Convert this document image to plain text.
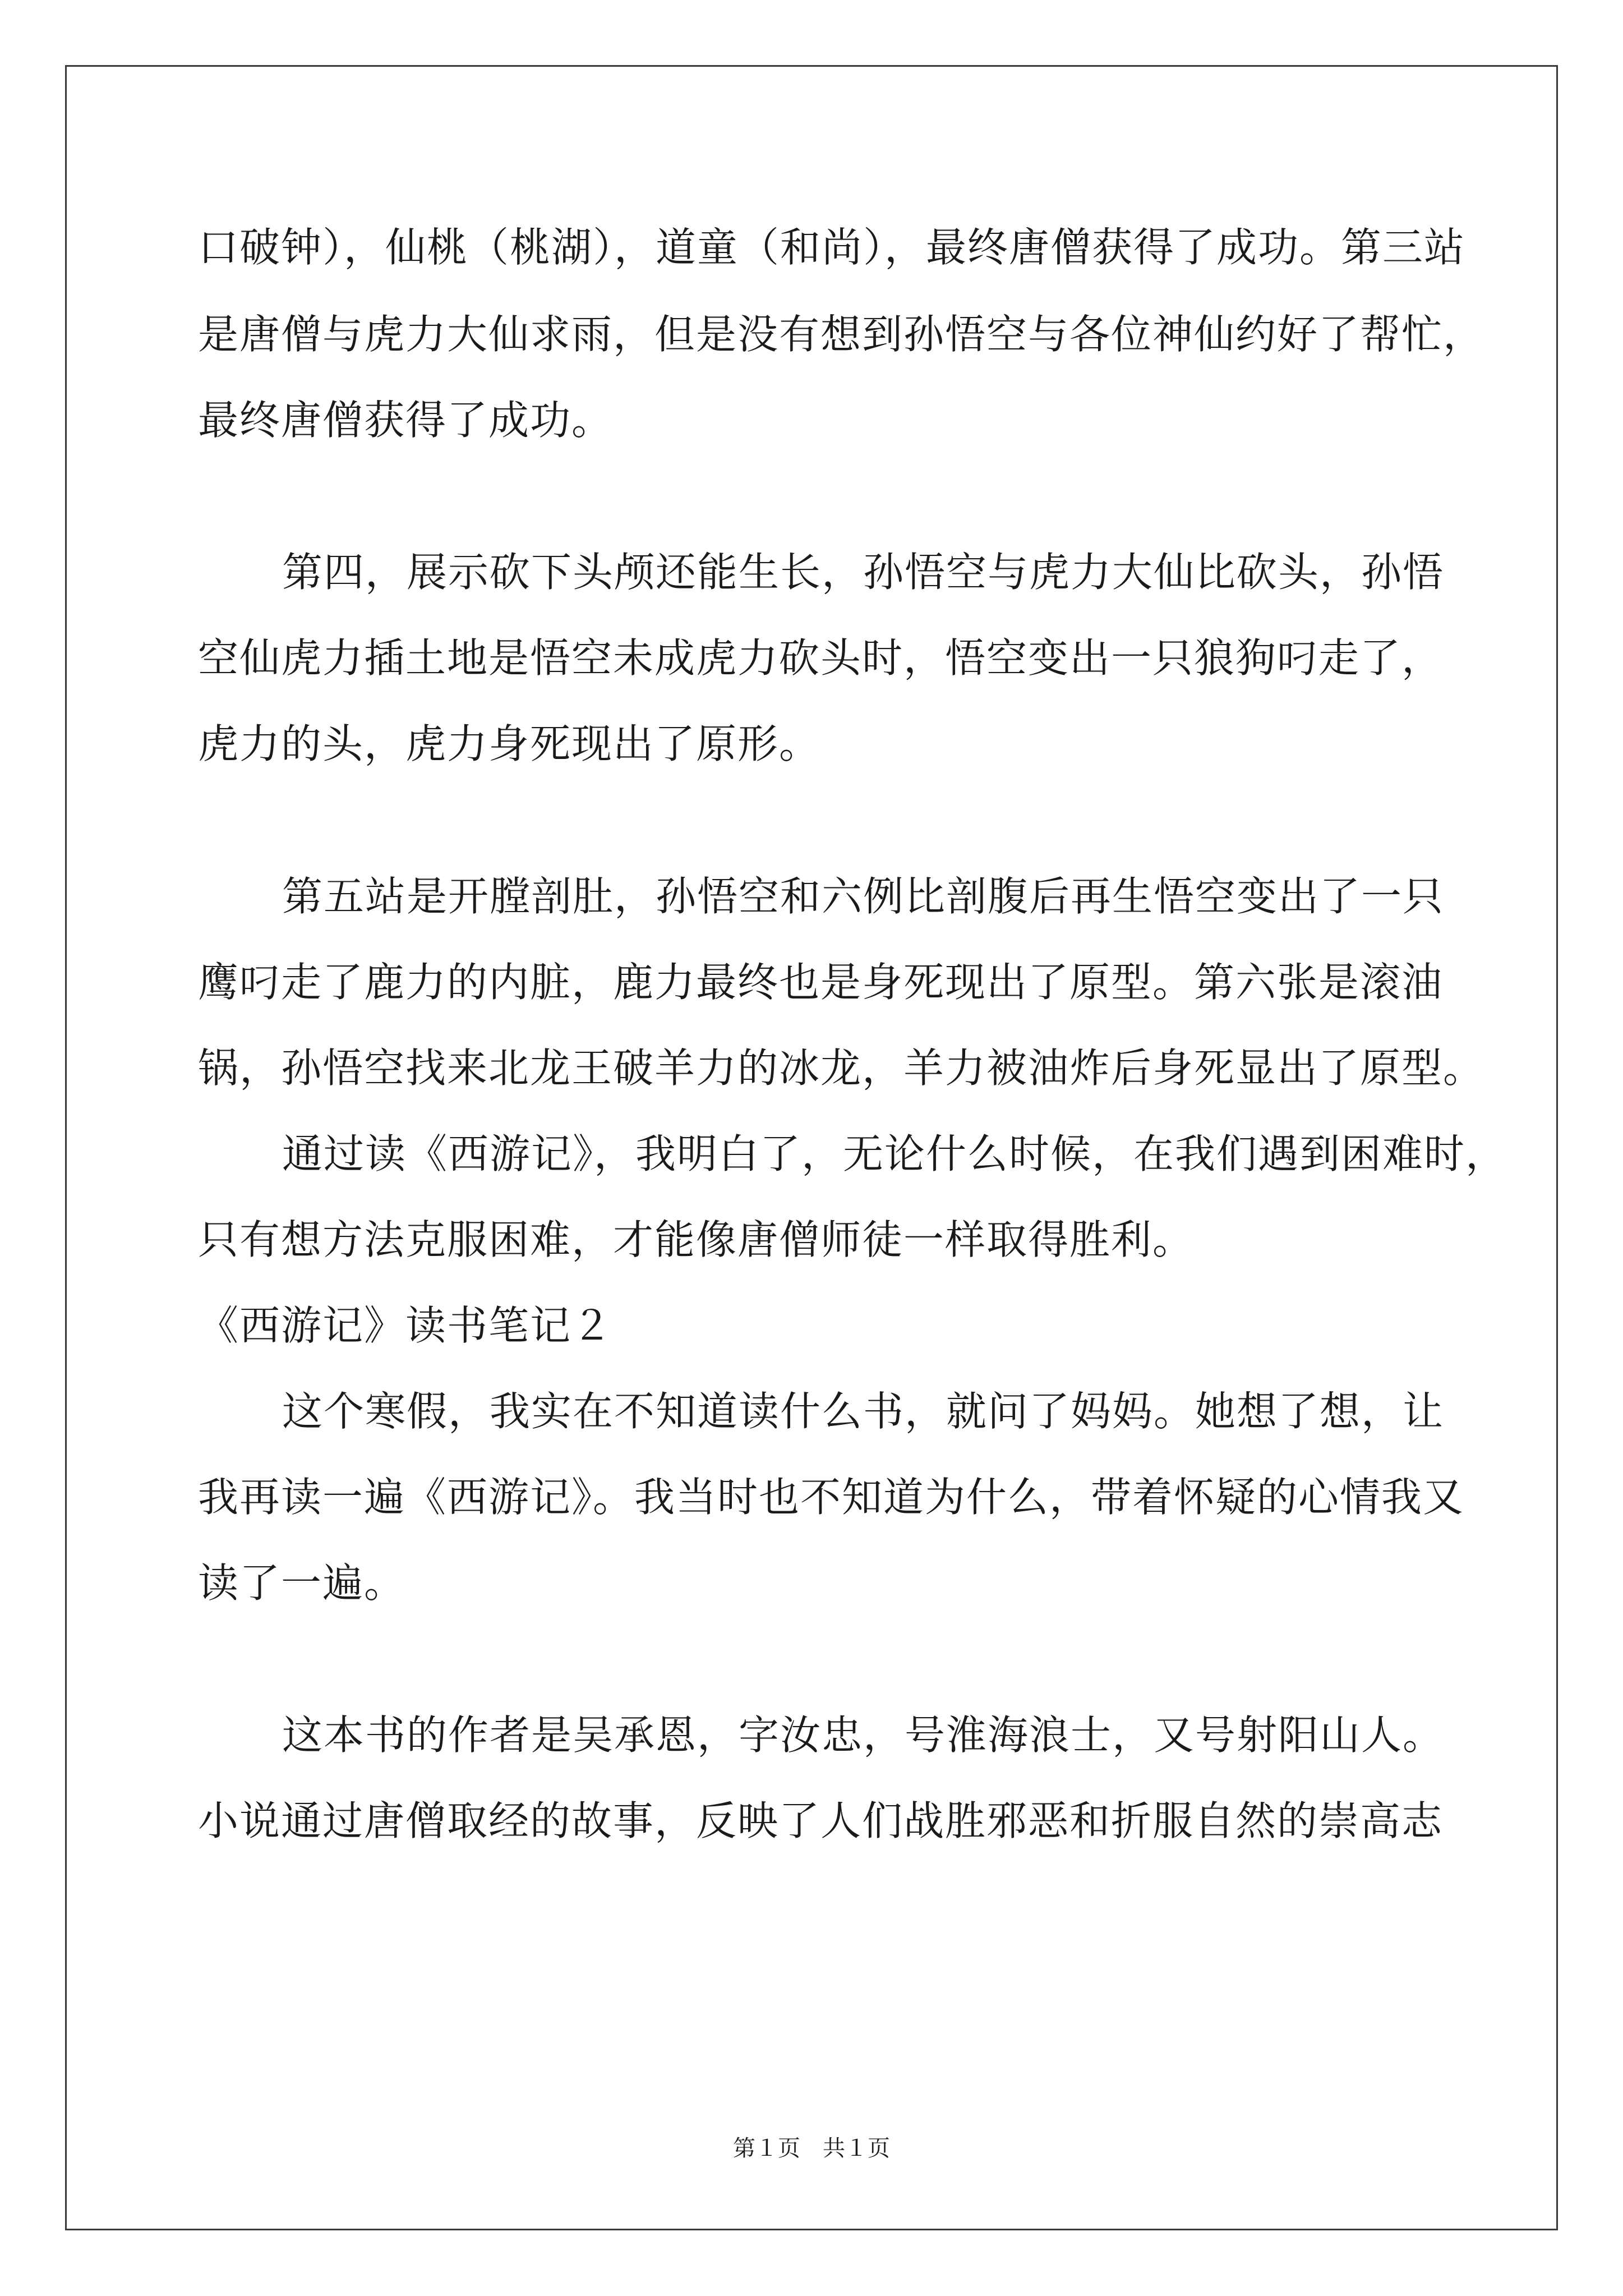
口破钟），仙桃（桃湖），道童（和尚），最终唐僧获得了成功。第三站
是唐僧与虎力大仙求雨，但是没有想到孙悟空与各位神仙约好了帮忙，
最终唐僧获得了成功。
第四，展示砍下头颅还能生长，孙悟空与虎力大仙比砍头，孙悟
空仙虎力插土地是悟空未成虎力砍头时，悟空变出一只狼狗叼走了，
虎力的头，虎力身死现出了原形。
第五站是开膛剖肚，孙悟空和六例比剖腹后再生悟空变出了一只
鹰叼走了鹿力的内脏，鹿力最终也是身死现出了原型。第六张是滚油
锅，孙悟空找来北龙王破羊力的冰龙，羊力被油炸后身死显出了原型。
通过读《西游记》，我明白了，无论什么时候，在我们遇到困难时，
只有想方法克服困难，才能像唐僧师徒一样取得胜利。
《西游记》读书笔记２
这个寒假，我实在不知道读什么书，就问了妈妈。她想了想，让
我再读一遍《西游记》。我当时也不知道为什么，带着怀疑的心情我又
读了一遍。
这本书的作者是吴承恩，字汝忠，号淮海浪士，又号射阳山人。
小说通过唐僧取经的故事，反映了人们战胜邪恶和折服自然的崇高志
第１页　共１页
